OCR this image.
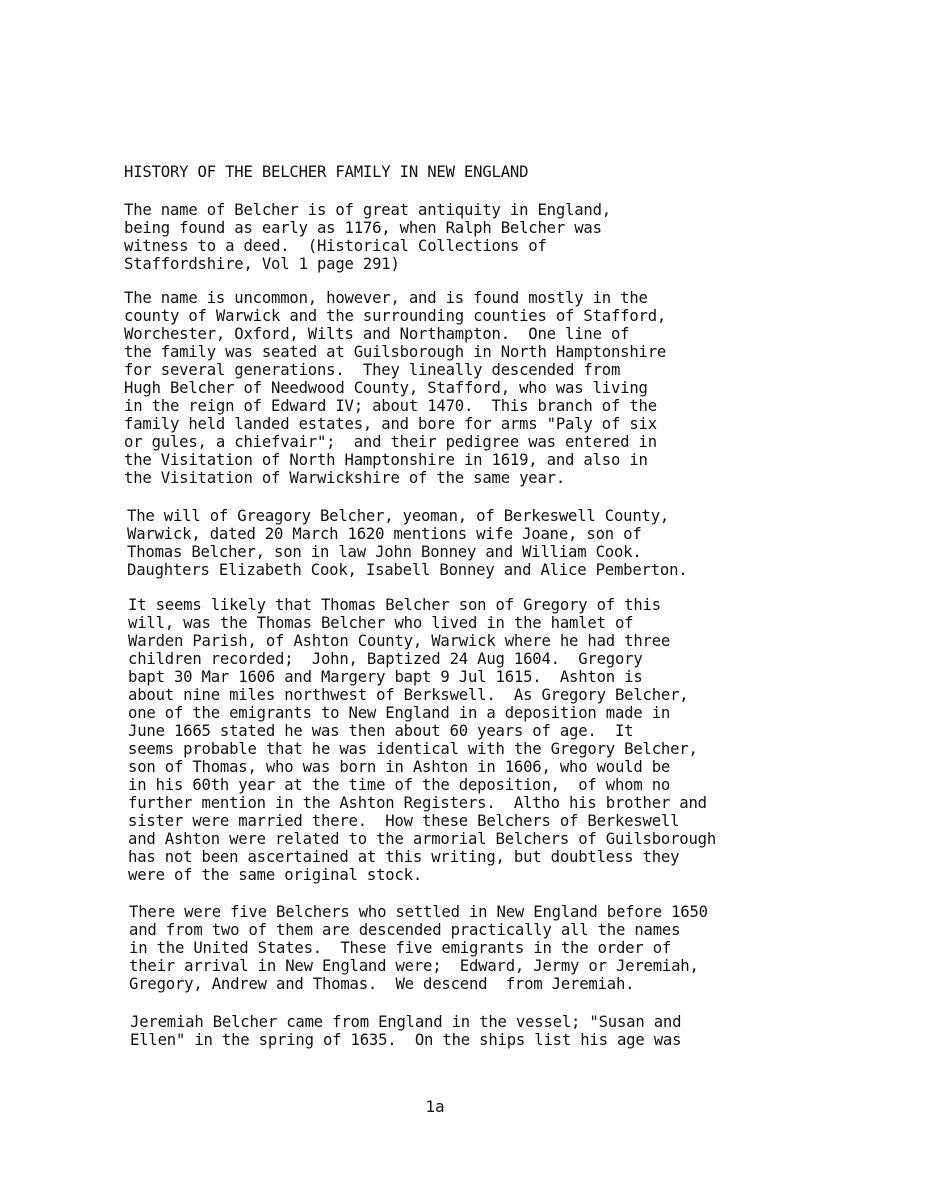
HISTORY OF THE BELCHER FAMILY IN NEW ENGLAND
The name of Belcher is of great antiquity in England,
being found as early as 1176, when Ralph Belcher was
witness to a deed.  (Historical Collections of
Staffordshire, Vol 1 page 291)
The name is uncommon, however, and is found mostly in the
county of Warwick and the surrounding counties of Stafford,
Worchester, Oxford, Wilts and Northampton.  One line of
the family was seated at Guilsborough in North Hamptonshire
for several generations.  They lineally descended from
Hugh Belcher of Needwood County, Stafford, who was living
in the reign of Edward IV; about 1470.  This branch of the
family held landed estates, and bore for arms "Paly of six
or gules, a chiefvair";  and their pedigree was entered in
the Visitation of North Hamptonshire in 1619, and also in
the Visitation of Warwickshire of the same year.
The will of Greagory Belcher, yeoman, of Berkeswell County,
Warwick, dated 20 March 1620 mentions wife Joane, son of
Thomas Belcher, son in law John Bonney and William Cook.
Daughters Elizabeth Cook, Isabell Bonney and Alice Pemberton.
It seems likely that Thomas Belcher son of Gregory of this
will, was the Thomas Belcher who lived in the hamlet of
Warden Parish, of Ashton County, Warwick where he had three
children recorded;  John, Baptized 24 Aug 1604.  Gregory
bapt 30 Mar 1606 and Margery bapt 9 Jul 1615.  Ashton is
about nine miles northwest of Berkswell.  As Gregory Belcher,
one of the emigrants to New England in a deposition made in
June 1665 stated he was then about 60 years of age.  It
seems probable that he was identical with the Gregory Belcher,
son of Thomas, who was born in Ashton in 1606, who would be
in his 60th year at the time of the deposition,  of whom no
further mention in the Ashton Registers.  Altho his brother and
sister were married there.  How these Belchers of Berkeswell
and Ashton were related to the armorial Belchers of Guilsborough
has not been ascertained at this writing, but doubtless they
were of the same original stock.
There were five Belchers who settled in New England before 1650
and from two of them are descended practically all the names
in the United States.  These five emigrants in the order of
their arrival in New England were;  Edward, Jermy or Jeremiah,
Gregory, Andrew and Thomas.  We descend  from Jeremiah.
Jeremiah Belcher came from England in the vessel; "Susan and
Ellen" in the spring of 1635.  On the ships list his age was
1a
